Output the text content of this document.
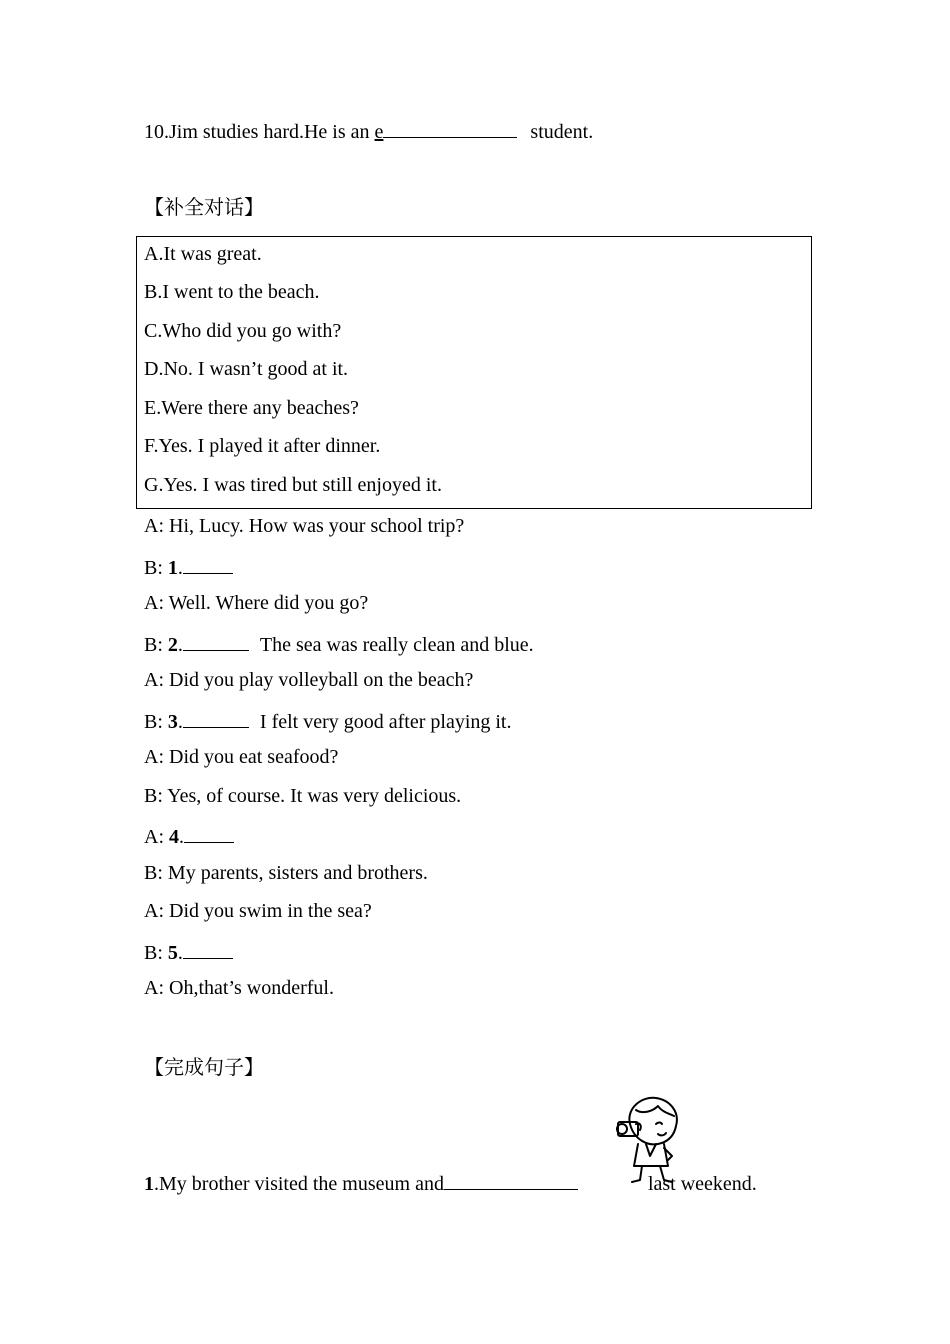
10.Jim studies hard.He is an e	student.
【补全对话】
A.It was great.
B.I went to the beach.
C.Who did you go with?
D.No. I wasn’t good at it.
E.Were there any beaches?
F.Yes. I played it after dinner.
G.Yes. I was tired but still enjoyed it.
A: Hi, Lucy. How was your school trip?
B: 1.
A: Well. Where did you go?
B: 2.	The sea was really clean and blue.
A: Did you play volleyball on the beach?
B: 3.	I felt very good after playing it.
A: Did you eat seafood?
B: Yes, of course. It was very delicious.
A: 4.
B: My parents, sisters and brothers.
A: Did you swim in the sea?
B: 5.
A: Oh,that’s wonderful.
【完成句子】
1.My brother visited the museum and	last weekend.
